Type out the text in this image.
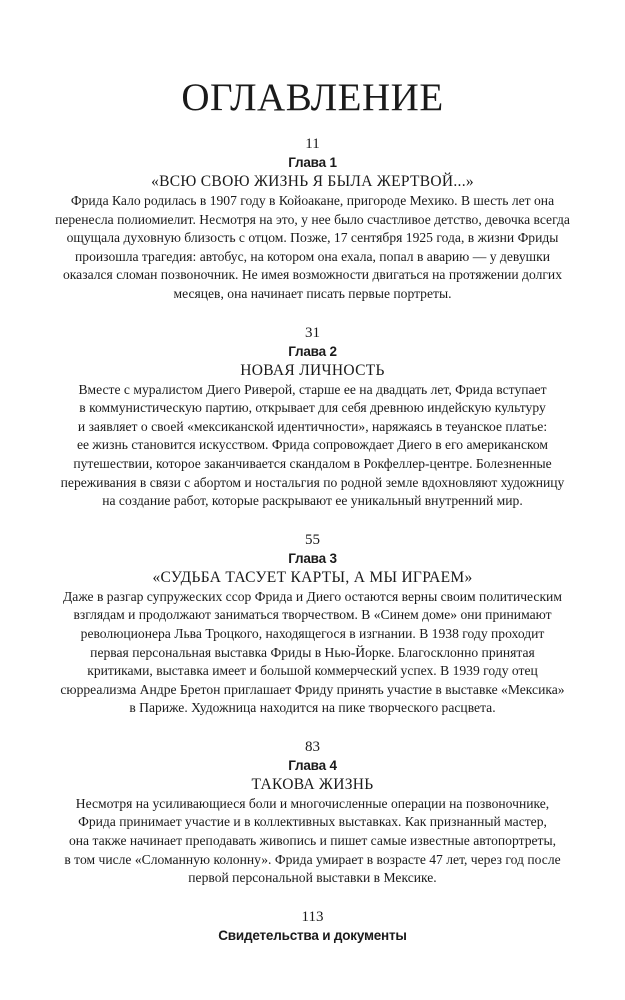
ОГЛАВЛЕНИЕ
11
Глава 1
«ВСЮ СВОЮ ЖИЗНЬ Я БЫЛА ЖЕРТВОЙ...»

Фрида Кало родилась в 1907 году в Койоакане, пригороде Мехико. В шесть лет она
перенесла полиомиелит. Несмотря на это, у нее было счастливое детство, девочка всегда
ощущала духовную близость с отцом. Позже, 17 сентября 1925 года, в жизни Фриды
произошла трагедия: автобус, на котором она ехала, попал в аварию — у девушки
оказался сломан позвоночник. Не имея возможности двигаться на протяжении долгих
месяцев, она начинает писать первые портреты.

31
Глава 2
НОВАЯ ЛИЧНОСТЬ

Вместе с муралистом Диего Риверой, старше ее на двадцать лет, Фрида вступает
в коммунистическую партию, открывает для себя древнюю индейскую культуру
и заявляет о своей «мексиканской идентичности», наряжаясь в теуанское платье:
ее жизнь становится искусством. Фрида сопровождает Диего в его американском
путешествии, которое заканчивается скандалом в Рокфеллер-центре. Болезненные
переживания в связи с абортом и ностальгия по родной земле вдохновляют художницу
на создание работ, которые раскрывают ее уникальный внутренний мир.

55
Глава 3
«СУДЬБА ТАСУЕТ КАРТЫ, А МЫ ИГРАЕМ»

Даже в разгар супружеских ссор Фрида и Диего остаются верны своим политическим
взглядам и продолжают заниматься творчеством. В «Синем доме» они принимают
революционера Льва Троцкого, находящегося в изгнании. В 1938 году проходит
первая персональная выставка Фриды в Нью-Йорке. Благосклонно принятая
критиками, выставка имеет и большой коммерческий успех. В 1939 году отец
сюрреализма Андре Бретон приглашает Фриду принять участие в выставке «Мексика»
в Париже. Художница находится на пике творческого расцвета.

83
Глава 4
ТАКОВА ЖИЗНЬ

Несмотря на усиливающиеся боли и многочисленные операции на позвоночнике,
Фрида принимает участие и в коллективных выставках. Как признанный мастер,
она также начинает преподавать живопись и пишет самые известные автопортреты,
в том числе «Сломанную колонну». Фрида умирает в возрасте 47 лет, через год после
первой персональной выставки в Мексике.

113
Свидетельства и документы
